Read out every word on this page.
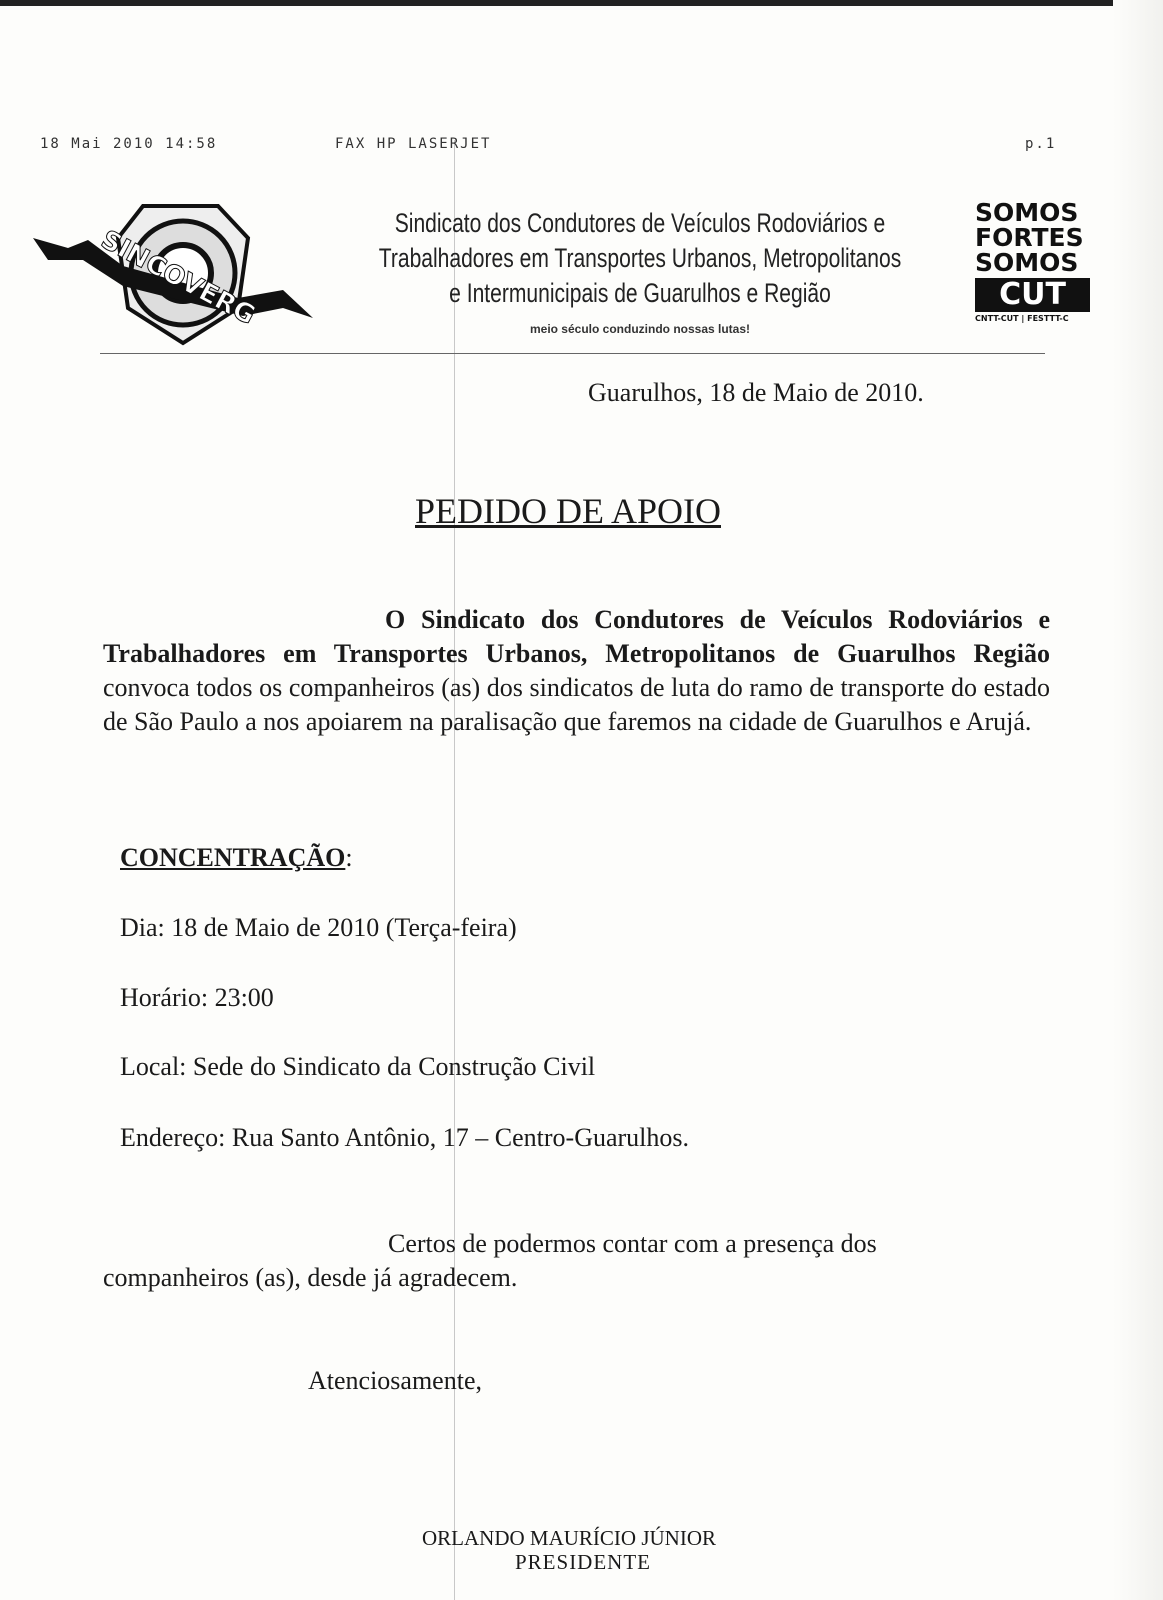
18 Mai 2010 14:58	FAX HP LASERJET	p.1
SINCOVERG
Sindicato dos Condutores de Veículos Rodoviários e
Trabalhadores em Transportes Urbanos, Metropolitanos
e Intermunicipais de Guarulhos e Região
meio século conduzindo nossas lutas!
SOMOS
FORTES
SOMOS
CUT
CNTT-CUT | FESTTT-C
Guarulhos, 18 de Maio de 2010.
PEDIDO DE APOIO
O Sindicato dos Condutores de Veículos Rodoviários e Trabalhadores em Transportes Urbanos, Metropolitanos de Guarulhos Região convoca todos os companheiros (as) dos sindicatos de luta do ramo de transporte do estado de São Paulo a nos apoiarem na paralisação que faremos na cidade de Guarulhos e Arujá.
CONCENTRAÇÃO:
Dia: 18 de Maio de 2010 (Terça-feira)
Horário: 23:00
Local: Sede do Sindicato da Construção Civil
Endereço: Rua Santo Antônio, 17 – Centro-Guarulhos.
Certos de podermos contar com a presença dos
companheiros (as), desde já agradecem.
Atenciosamente,
ORLANDO MAURÍCIO JÚNIOR
PRESIDENTE
